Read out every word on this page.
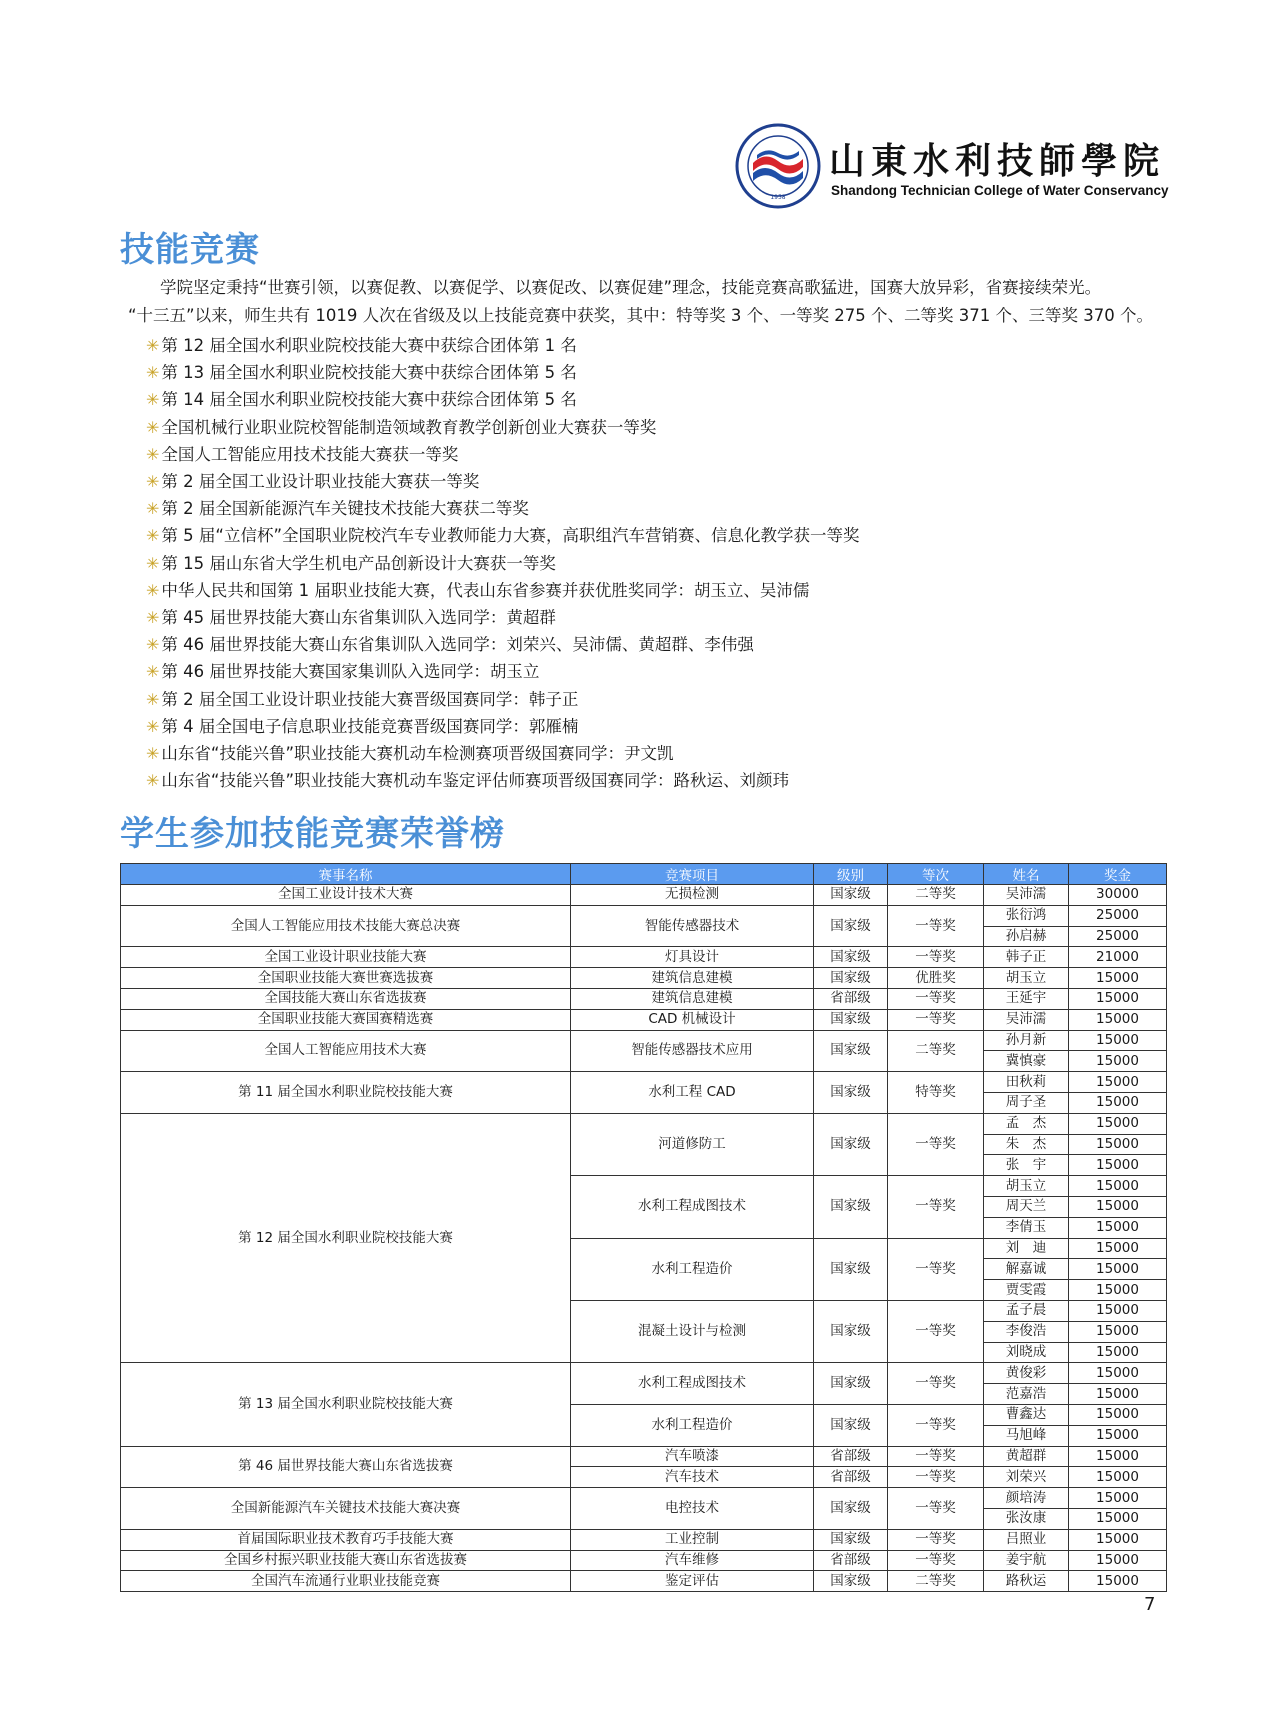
1958
山東水利技師學院
Shandong Technician College of Water Conservancy
技能竞赛

学院坚定秉持“世赛引领，以赛促教、以赛促学、以赛促改、以赛促建”理念，技能竞赛高歌猛进，国赛大放异彩，省赛接续荣光。

“十三五”以来，师生共有 1019 人次在省级及以上技能竞赛中获奖，其中：特等奖 3 个、一等奖 275 个、二等奖 371 个、三等奖 370 个。

✳ 第 12 届全国水利职业院校技能大赛中获综合团体第 1 名
✳ 第 13 届全国水利职业院校技能大赛中获综合团体第 5 名
✳ 第 14 届全国水利职业院校技能大赛中获综合团体第 5 名
✳ 全国机械行业职业院校智能制造领域教育教学创新创业大赛获一等奖
✳ 全国人工智能应用技术技能大赛获一等奖
✳ 第 2 届全国工业设计职业技能大赛获一等奖
✳ 第 2 届全国新能源汽车关键技术技能大赛获二等奖
✳ 第 5 届“立信杯”全国职业院校汽车专业教师能力大赛，高职组汽车营销赛、信息化教学获一等奖
✳ 第 15 届山东省大学生机电产品创新设计大赛获一等奖
✳ 中华人民共和国第 1 届职业技能大赛，代表山东省参赛并获优胜奖同学：胡玉立、吴沛儒
✳ 第 45 届世界技能大赛山东省集训队入选同学：黄超群
✳ 第 46 届世界技能大赛山东省集训队入选同学：刘荣兴、吴沛儒、黄超群、李伟强
✳ 第 46 届世界技能大赛国家集训队入选同学：胡玉立
✳ 第 2 届全国工业设计职业技能大赛晋级国赛同学：韩子正
✳ 第 4 届全国电子信息职业技能竞赛晋级国赛同学：郭雁楠
✳ 山东省“技能兴鲁”职业技能大赛机动车检测赛项晋级国赛同学：尹文凯
✳ 山东省“技能兴鲁”职业技能大赛机动车鉴定评估师赛项晋级国赛同学：路秋运、刘颜玮
学生参加技能竞赛荣誉榜
赛事名称	竞赛项目	级别	等次	姓名	奖金
全国工业设计技术大赛	无损检测	国家级	二等奖	吴沛濡	30000
全国人工智能应用技术技能大赛总决赛	智能传感器技术	国家级	一等奖	张衍鸿	25000
				孙启赫	25000
全国工业设计职业技能大赛	灯具设计	国家级	一等奖	韩子正	21000
全国职业技能大赛世赛选拔赛	建筑信息建模	国家级	优胜奖	胡玉立	15000
全国技能大赛山东省选拔赛	建筑信息建模	省部级	一等奖	王延宇	15000
全国职业技能大赛国赛精选赛	CAD 机械设计	国家级	一等奖	吴沛濡	15000
全国人工智能应用技术大赛	智能传感器技术应用	国家级	二等奖	孙月新	15000
				冀慎豪	15000
第 11 届全国水利职业院校技能大赛	水利工程 CAD	国家级	特等奖	田秋莉	15000
				周子圣	15000
第 12 届全国水利职业院校技能大赛	河道修防工	国家级	一等奖	孟　杰	15000
				朱　杰	15000
				张　宇	15000
	水利工程成图技术	国家级	一等奖	胡玉立	15000
				周天兰	15000
				李倩玉	15000
	水利工程造价	国家级	一等奖	刘　迪	15000
				解嘉诚	15000
				贾雯霞	15000
	混凝土设计与检测	国家级	一等奖	孟子晨	15000
				李俊浩	15000
				刘晓成	15000
第 13 届全国水利职业院校技能大赛	水利工程成图技术	国家级	一等奖	黄俊彩	15000
				范嘉浩	15000
	水利工程造价	国家级	一等奖	曹鑫达	15000
				马旭峰	15000
第 46 届世界技能大赛山东省选拔赛	汽车喷漆	省部级	一等奖	黄超群	15000
	汽车技术	省部级	一等奖	刘荣兴	15000
全国新能源汽车关键技术技能大赛决赛	电控技术	国家级	一等奖	颜培涛	15000
				张汝康	15000
首届国际职业技术教育巧手技能大赛	工业控制	国家级	一等奖	吕照业	15000
全国乡村振兴职业技能大赛山东省选拔赛	汽车维修	省部级	一等奖	姜宇航	15000
全国汽车流通行业职业技能竞赛	鉴定评估	国家级	二等奖	路秋运	15000
7
